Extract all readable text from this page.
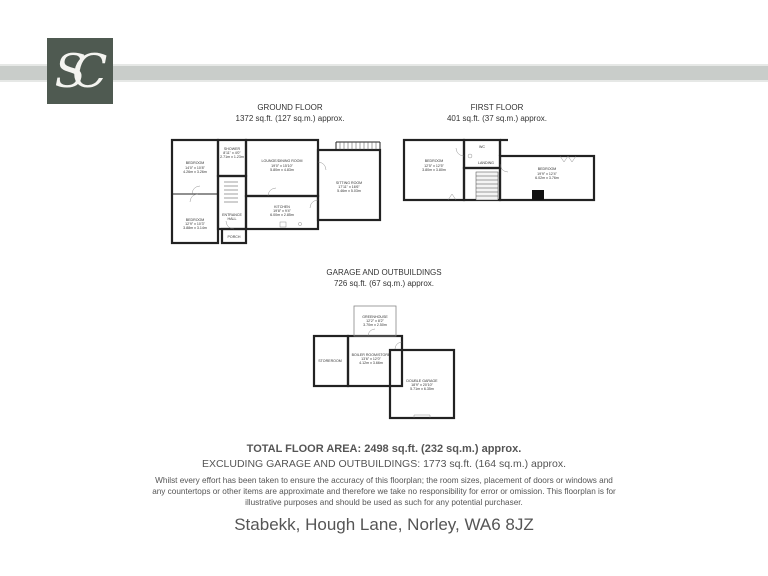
SC
GROUND FLOOR
1372 sq.ft. (127 sq.m.) approx.
FIRST FLOOR
401 sq.ft. (37 sq.m.) approx.
GARAGE AND OUTBUILDINGS
726 sq.ft. (67 sq.m.) approx.
BEDROOM
14'0" x 10'8"
4.26m x 3.26m
SHOWER
8'11" x 4'0"
2.71m x 1.23m
LOUNGE/DINING ROOM
19'0" x 15'10"
5.80m x 4.83m
SITTING ROOM
17'11" x 16'6"
5.46m x 5.03m
KITCHEN
19'8" x 9'4"
6.00m x 2.85m
BEDROOM
12'9" x 10'3"
3.88m x 3.14m
ENTRANCE
HALL
PORCH
BEDROOM
12'5" x 12'5"
3.80m x 3.80m
WC
LANDING
BEDROOM
19'9" x 12'4"
6.02m x 3.76m
GREENHOUSE
12'2" x 8'2"
3.70m x 2.50m
STOREROOM
BOILER ROOM/STORE
13'6" x 12'0"
4.12m x 3.66m
DOUBLE GARAGE
18'9" x 20'10"
5.71m x 6.35m
TOTAL FLOOR AREA: 2498 sq.ft. (232 sq.m.) approx.
EXCLUDING GARAGE AND OUTBUILDINGS: 1773 sq.ft. (164 sq.m.) approx.
Whilst every effort has been taken to ensure the accuracy of this floorplan; the room sizes, placement of doors or windows and any countertops or other items are approximate and therefore we take no responsibility for error or omission. This floorplan is for illustrative purposes and should be used as such for any potential purchaser.
Stabekk, Hough Lane, Norley, WA6 8JZ
